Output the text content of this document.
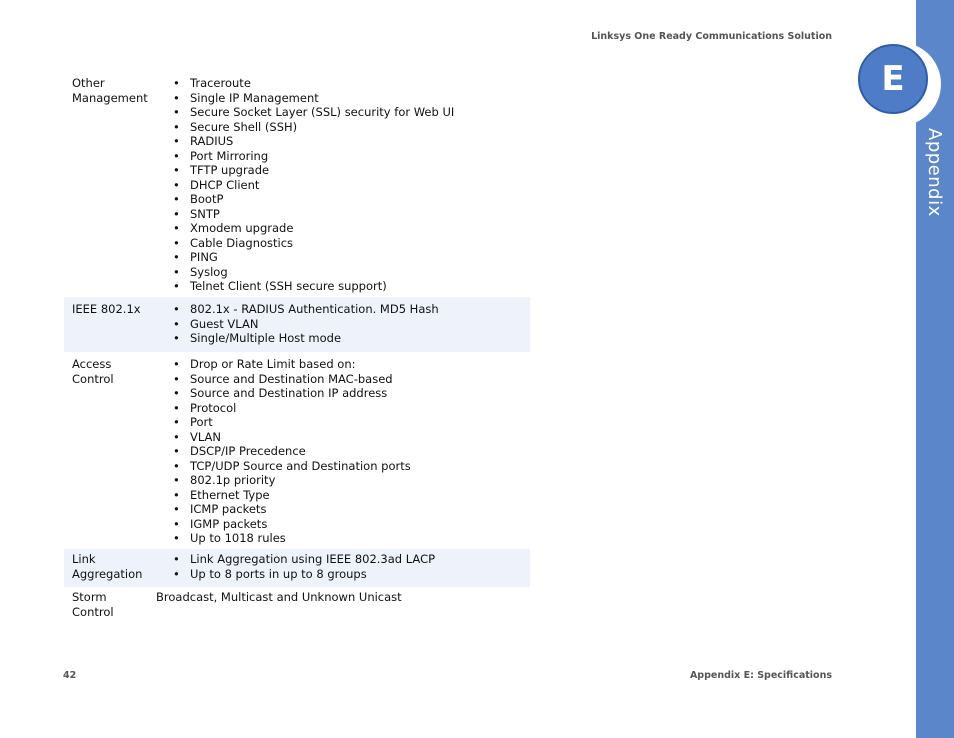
Linksys One Ready Communications Solution
E
Appendix
Other
Management
• Traceroute
• Single IP Management
• Secure Socket Layer (SSL) security for Web UI
• Secure Shell (SSH)
• RADIUS
• Port Mirroring
• TFTP upgrade
• DHCP Client
• BootP
• SNTP
• Xmodem upgrade
• Cable Diagnostics
• PING
• Syslog
• Telnet Client (SSH secure support)
IEEE 802.1x
•	802.1x - RADIUS Authentication. MD5 Hash
• Guest VLAN
• Single/Multiple Host mode
Access
Control
• Drop or Rate Limit based on:
• Source and Destination MAC-based
• Source and Destination IP address
• Protocol
• Port
• VLAN
• DSCP/IP Precedence
• TCP/UDP Source and Destination ports
• 802.1p priority
• Ethernet Type
• ICMP packets
• IGMP packets
• Up to 1018 rules
Link
Aggregation
• Link Aggregation using IEEE 802.3ad LACP
• Up to 8 ports in up to 8 groups
Storm
Control
Broadcast, Multicast and Unknown Unicast
42	Appendix E: Specifications
